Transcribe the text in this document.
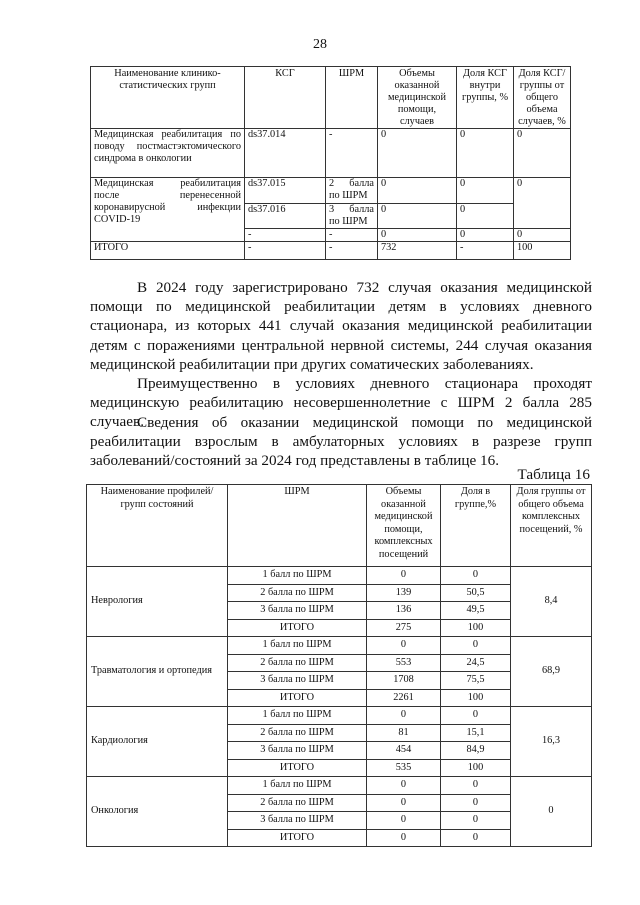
28
Наименование клинико-статистических групп	КСГ	ШРМ	Объемы оказанной медицинской помощи, случаев	Доля КСГ внутри группы, %	Доля КСГ/группы от общего объема случаев, %
Медицинская реабилитация по поводу постмастэктомического синдрома в онкологии	ds37.014	-	0	0	0
Медицинская реабилитация после перенесенной коронавирусной инфекции COVID-19	ds37.015	2 балла по ШРМ	0	0	0
	ds37.016	3 балла по ШРМ	0	0	
	-	-	0	0	0
ИТОГО	-	-	732	-	100

В 2024 году зарегистрировано 732 случая оказания медицинской помощи по медицинской реабилитации детям в условиях дневного стационара, из которых 441 случай оказания медицинской реабилитации детям с поражениями центральной нервной системы, 244 случая оказания медицинской реабилитации при других соматических заболеваниях.

Преимущественно в условиях дневного стационара проходят медицинскую реабилитацию несовершеннолетние с ШРМ 2 балла 285 случаев.

Сведения об оказании медицинской помощи по медицинской реабилитации взрослым в амбулаторных условиях в разрезе групп заболеваний/состояний за 2024 год представлены в таблице 16.

Таблица 16
Наименование профилей/групп состояний	ШРМ	Объемы оказанной медицинской помощи, комплексных посещений	Доля в группе,%	Доля группы от общего объема комплексных посещений, %
Неврология	1 балл по ШРМ	0	0	8,4
	2 балла по ШРМ	139	50,5	
	3 балла по ШРМ	136	49,5	
	ИТОГО	275	100	
Травматология и ортопедия	1 балл по ШРМ	0	0	68,9
	2 балла по ШРМ	553	24,5	
	3 балла по ШРМ	1708	75,5	
	ИТОГО	2261	100	
Кардиология	1 балл по ШРМ	0	0	16,3
	2 балла по ШРМ	81	15,1	
	3 балла по ШРМ	454	84,9	
	ИТОГО	535	100	
Онкология	1 балл по ШРМ	0	0	0
	2 балла по ШРМ	0	0	
	3 балла по ШРМ	0	0	
	ИТОГО	0	0	
